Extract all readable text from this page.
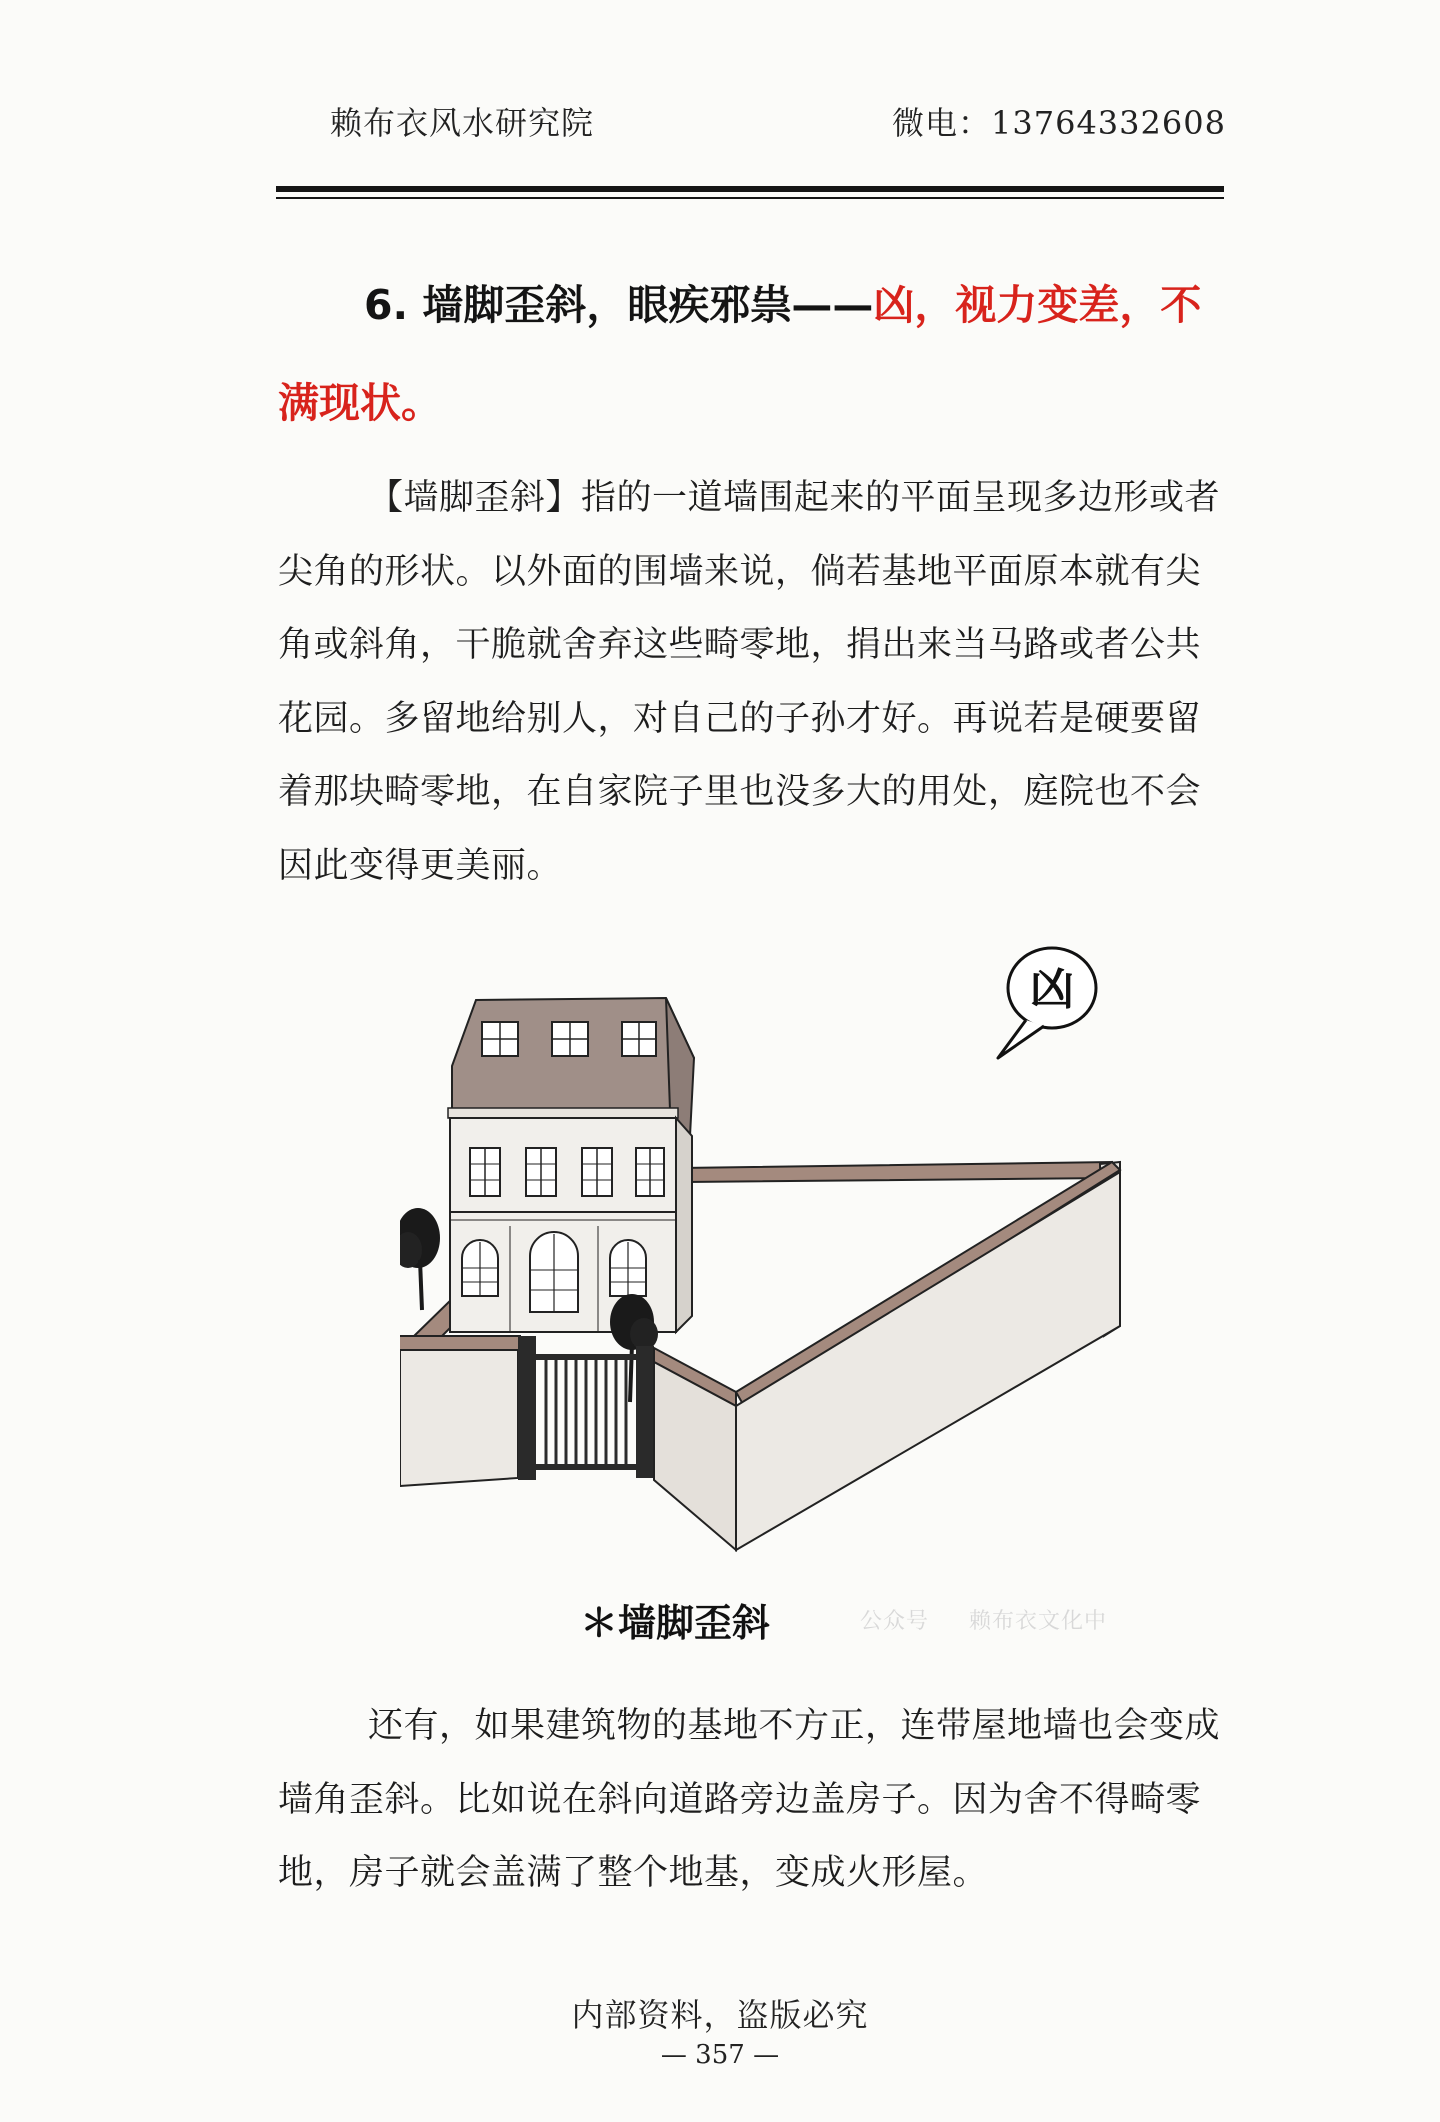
赖布衣风水研究院	微电：13764332608

6. 墙脚歪斜，眼疾邪祟——凶，视力变差，不满现状。

【墙脚歪斜】指的一道墙围起来的平面呈现多边形或者尖角的形状。以外面的围墙来说，倘若基地平面原本就有尖角或斜角，干脆就舍弃这些畸零地，捐出来当马路或者公共花园。多留地给别人，对自己的子孙才好。再说若是硬要留着那块畸零地，在自家院子里也没多大的用处，庭院也不会因此变得更美丽。

凶
＊墙脚歪斜	公众号 赖布衣文化中

还有，如果建筑物的基地不方正，连带屋地墙也会变成墙角歪斜。比如说在斜向道路旁边盖房子。因为舍不得畸零地，房子就会盖满了整个地基，变成火形屋。

内部资料，盗版必究
— 357 —
